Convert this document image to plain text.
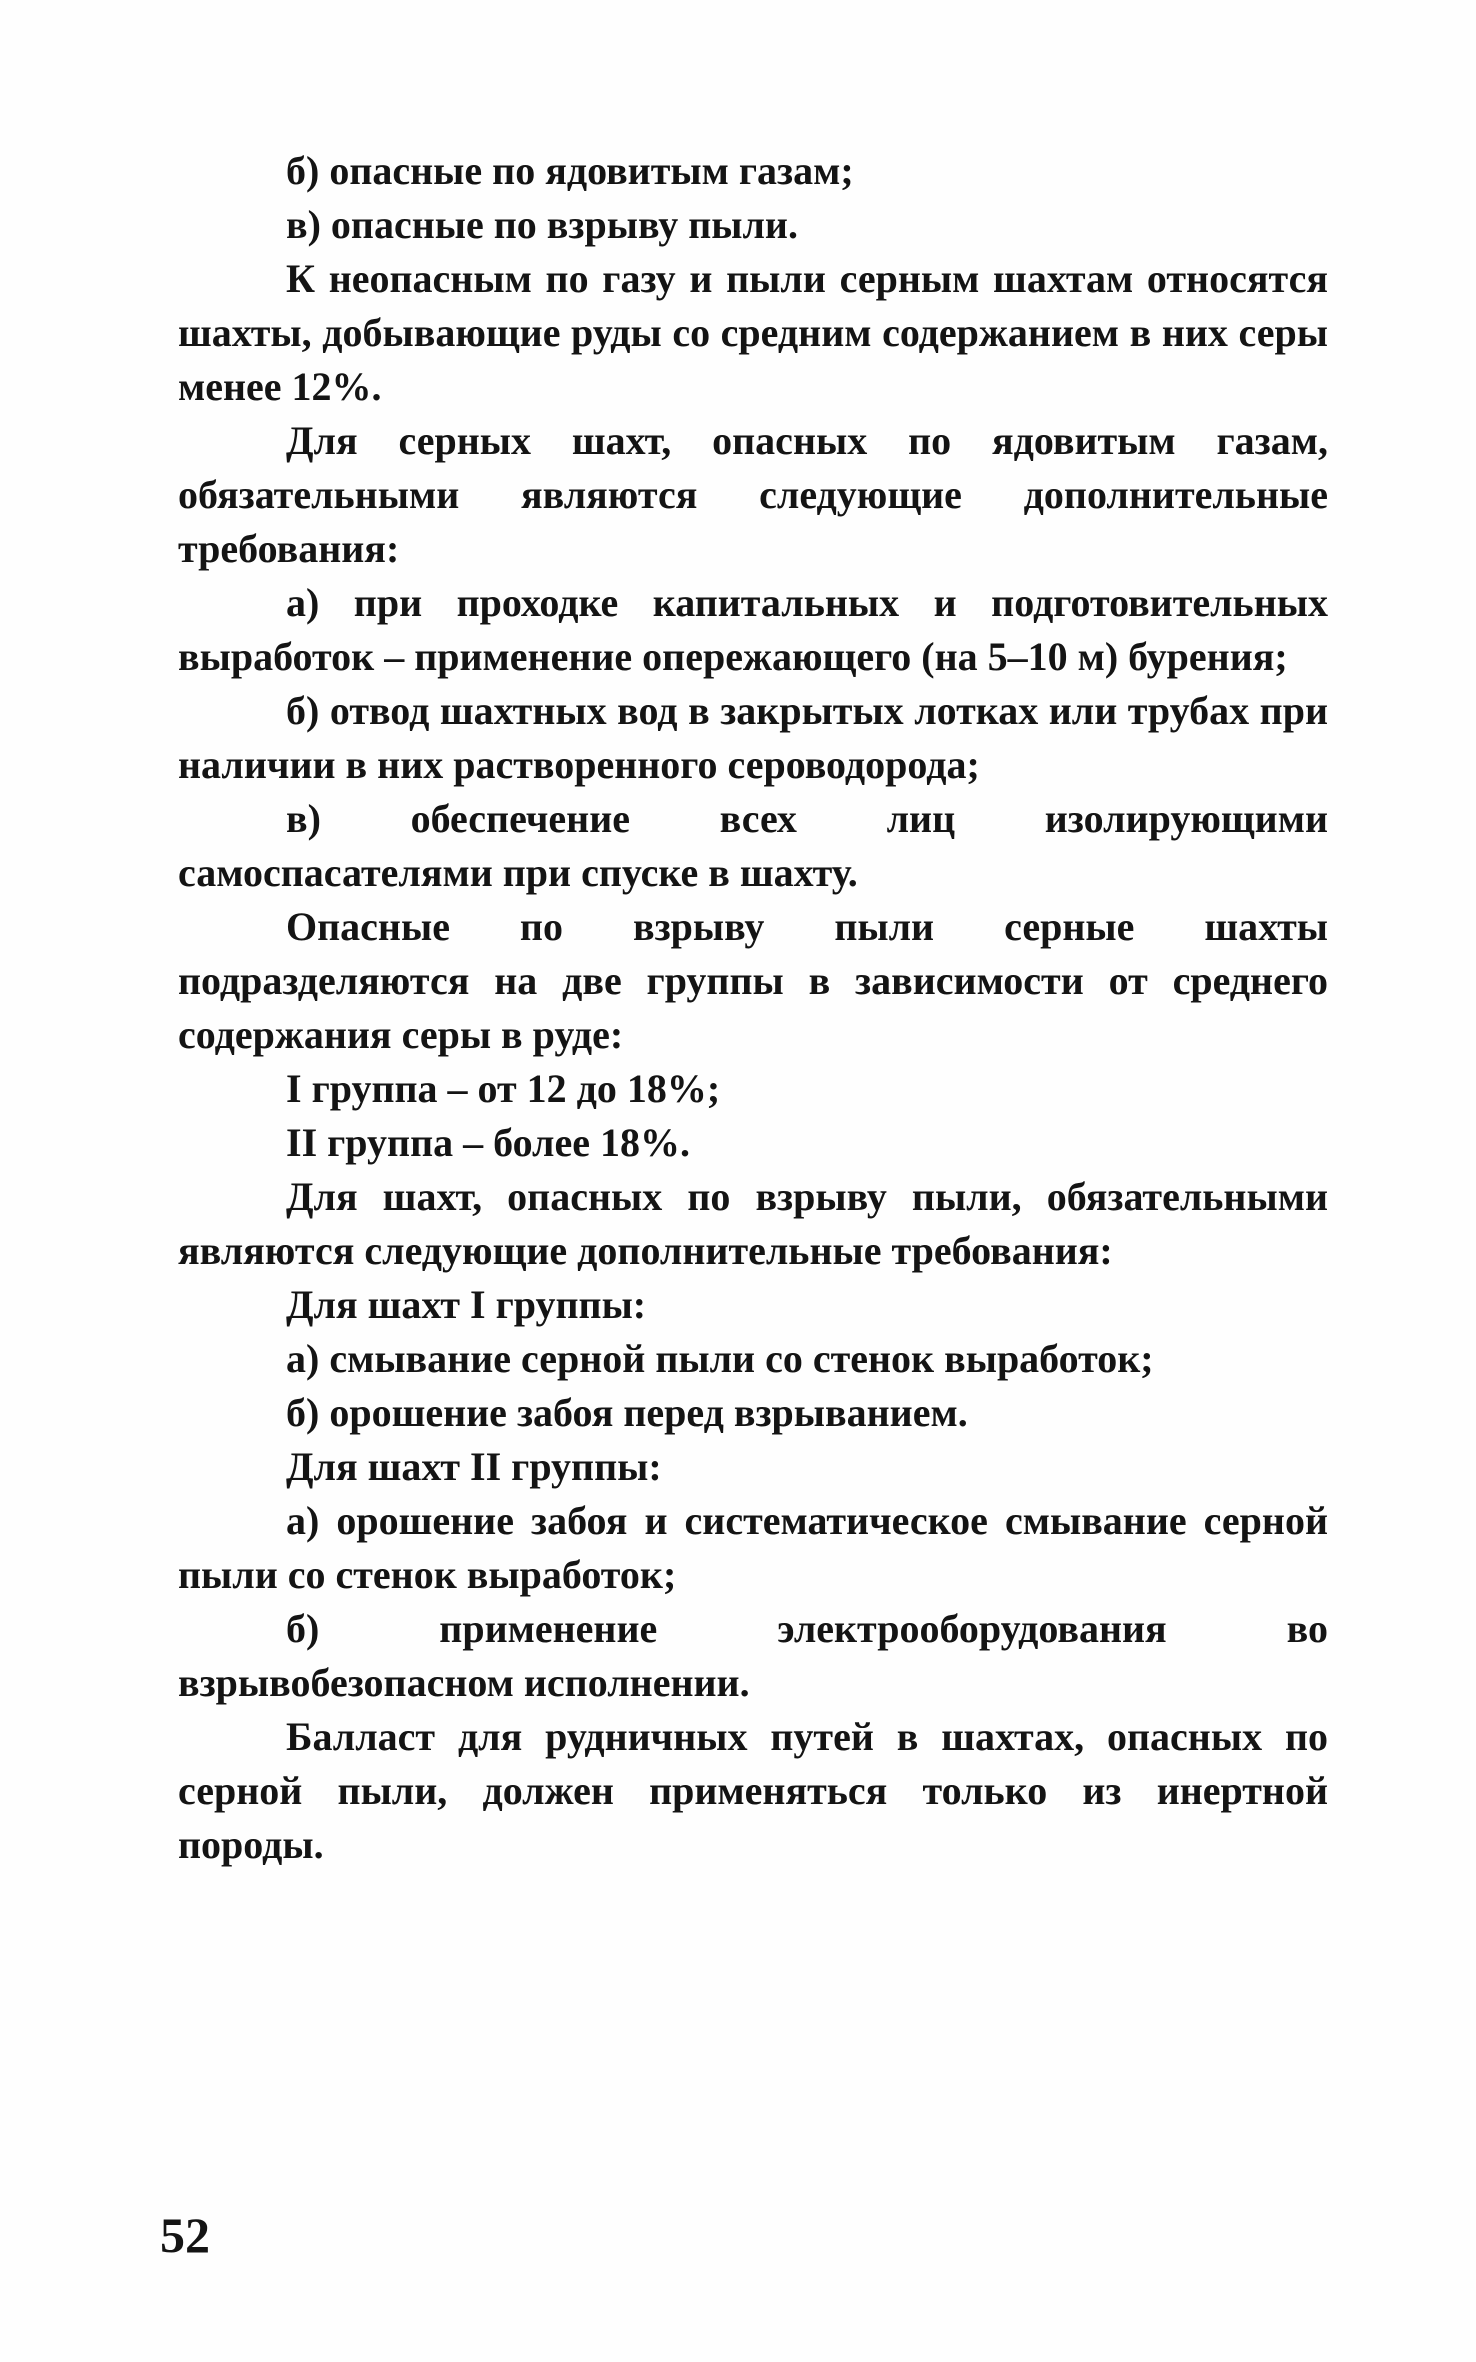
б) опасные по ядовитым газам;

в) опасные по взрыву пыли.

К неопасным по газу и пыли серным шахтам относятся шахты, добывающие руды со средним содержанием в них серы менее 12%.

Для серных шахт, опасных по ядовитым газам, обязательными являются следующие дополнительные требования:

а) при проходке капитальных и подготовительных выработок – применение опережающего (на 5–10 м) бурения;

б) отвод шахтных вод в закрытых лотках или трубах при наличии в них растворенного сероводорода;

в) обеспечение всех лиц изолирующими самоспасателями при спуске в шахту.

Опасные по взрыву пыли серные шахты подразделяются на две группы в зависимости от среднего содержания серы в руде:

I группа – от 12 до 18%;

II группа – более 18%.

Для шахт, опасных по взрыву пыли, обязательными являются следующие дополнительные требования:

Для шахт I группы:

а) смывание серной пыли со стенок выработок;

б) орошение забоя перед взрыванием.

Для шахт II группы:

а) орошение забоя и систематическое смывание серной пыли со стенок выработок;

б) применение электрооборудования во взрывобезопасном исполнении.

Балласт для рудничных путей в шахтах, опасных по серной пыли, должен применяться только из инертной породы.

52
